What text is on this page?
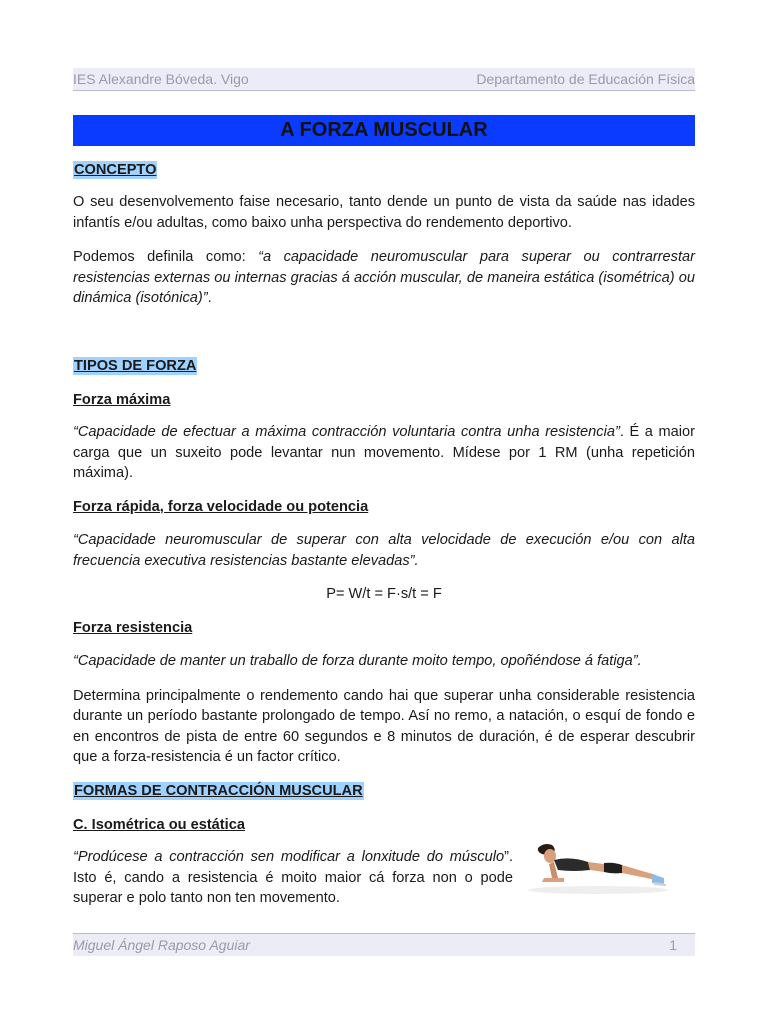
IES Alexandre Bóveda. Vigo	Departamento de Educación Física
A FORZA MUSCULAR
CONCEPTO

O seu desenvolvemento faise necesario, tanto dende un punto de vista da saúde nas idades infantís e/ou adultas, como baixo unha perspectiva do rendemento deportivo.

Podemos definila como: “a capacidade neuromuscular para superar ou contrarrestar resistencias externas ou internas gracias á acción muscular, de maneira estática (isométrica) ou dinámica (isotónica)”.

TIPOS DE FORZA
Forza máxima

“Capacidade de efectuar a máxima contracción voluntaria contra unha resistencia”. É a maior carga que un suxeito pode levantar nun movemento. Mídese por 1 RM (unha repetición máxima).

Forza rápida, forza velocidade ou potencia

“Capacidade neuromuscular de superar con alta velocidade de execución e/ou con alta frecuencia executiva resistencias bastante elevadas”.

P= W/t = F·s/t = F

Forza resistencia

“Capacidade de manter un traballo de forza durante moito tempo, opoñéndose á fatiga”.

Determina principalmente o rendemento cando hai que superar unha considerable resistencia durante un período bastante prolongado de tempo. Así no remo, a natación, o esquí de fondo e en encontros de pista de entre 60 segundos e 8 minutos de duración, é de esperar descubrir que a forza-resistencia é un factor crítico.

FORMAS DE CONTRACCIÓN MUSCULAR
C. Isométrica ou estática

“Prodúcese a contracción sen modificar a lonxitude do músculo”. Isto é, cando a resistencia é moito maior cá forza non o pode superar e polo tanto non ten movemento.

Miguel Ángel Raposo Aguiar	1
